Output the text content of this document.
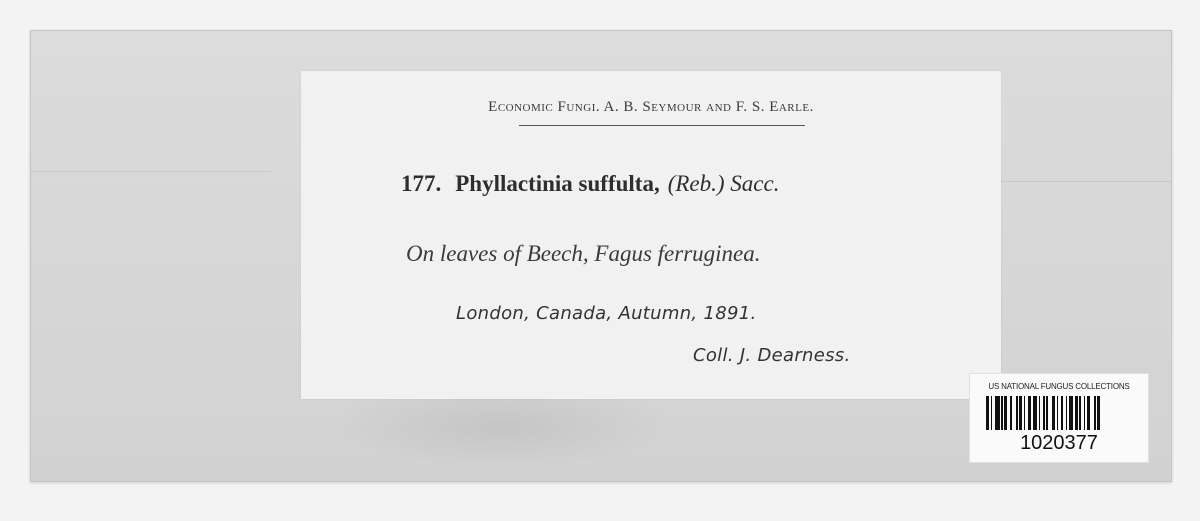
Economic Fungi. A. B. Seymour and F. S. Earle.
177. Phyllactinia suffulta, (Reb.) Sacc.
On leaves of Beech, Fagus ferruginea.
London, Canada, Autumn, 1891.
Coll. J. Dearness.
US NATIONAL FUNGUS COLLECTIONS
1020377
